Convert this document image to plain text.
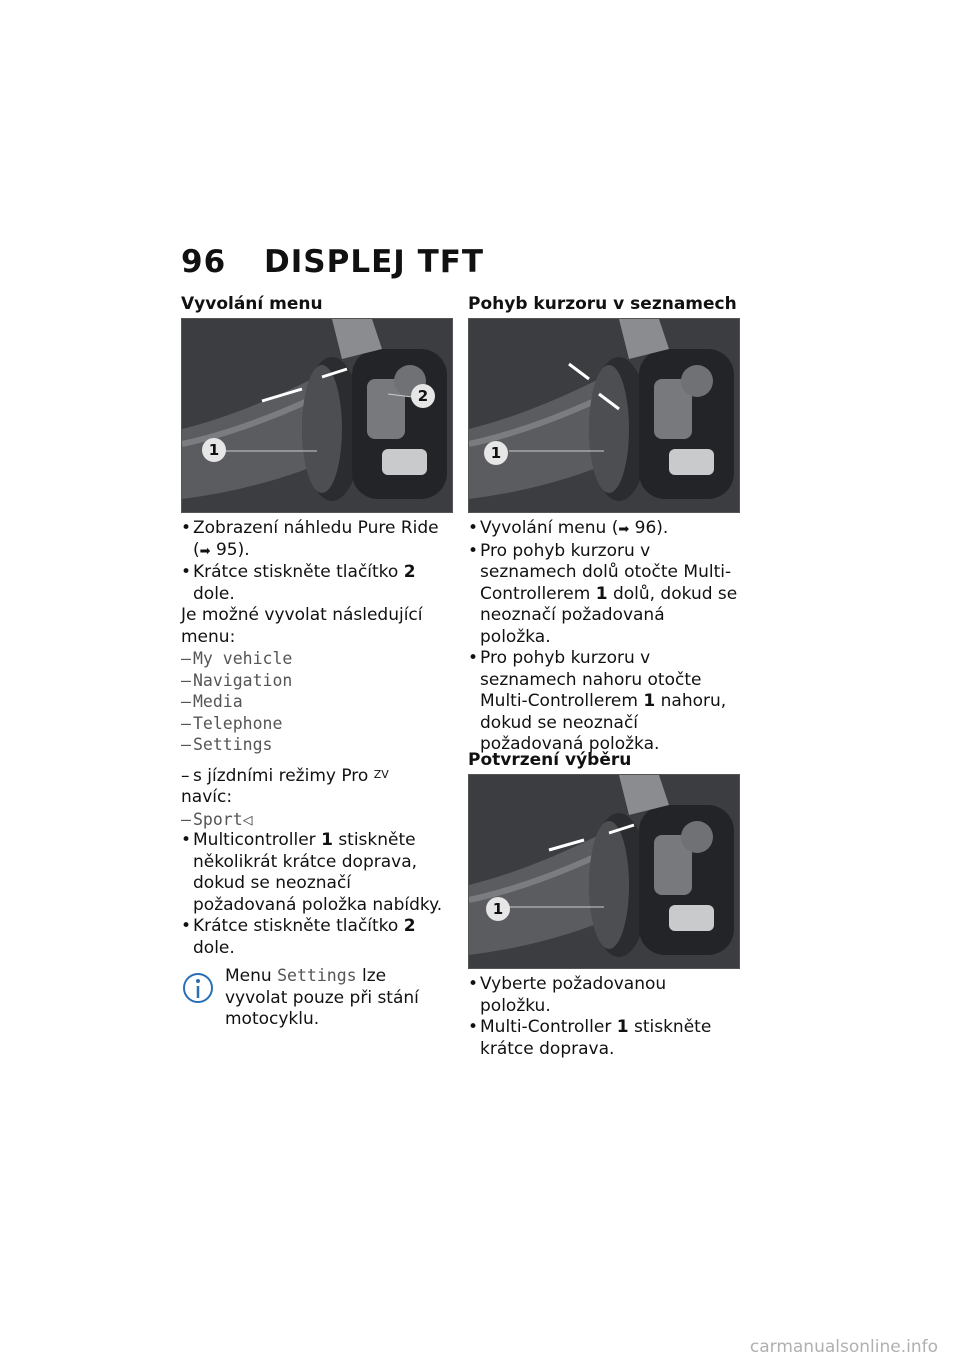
96 DISPLEJ TFT
Vyvolání menu
1
2
• Zobrazení náhledu Pure Ride
(➡ 95).
• Krátce stiskněte tlačítko 2
dole.
Je možné vyvolat následující menu:
– My vehicle
– Navigation
– Media
– Telephone
– Settings
– s jízdními režimy Pro $^{ZV}$
navíc:
– Sport◁
• Multicontroller 1 stiskněte několikrát krátce doprava, dokud se neoznačí požadovaná položka nabídky.
• Krátce stiskněte tlačítko 2
dole.
Menu Settings lze vyvolat pouze při stání motocyklu.
Pohyb kurzoru v seznamech
1
• Vyvolání menu (➡ 96).
• Pro pohyb kurzoru v seznamech dolů otočte Multi-Controllerem 1 dolů, dokud se neoznačí požadovaná položka.
• Pro pohyb kurzoru v seznamech nahoru otočte Multi-Controllerem 1 nahoru, dokud se neoznačí požadovaná položka.
Potvrzení výběru
1
• Vyberte požadovanou položku.
• Multi-Controller 1 stiskněte krátce doprava.
carmanualsonline.info
